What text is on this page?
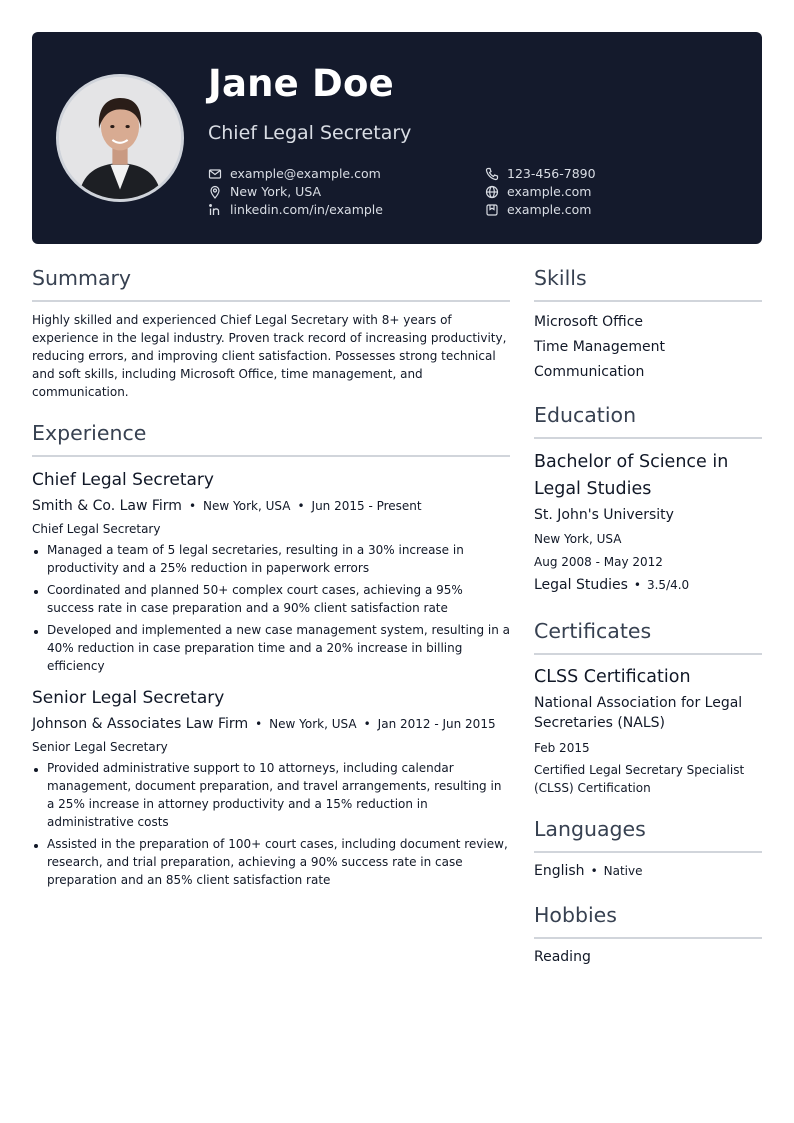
Jane Doe
Chief Legal Secretary
example@example.com
New York, USA
linkedin.com/in/example
123-456-7890
example.com
example.com
Summary

Highly skilled and experienced Chief Legal Secretary with 8+ years of experience in the legal industry. Proven track record of increasing productivity, reducing errors, and improving client satisfaction. Possesses strong technical and soft skills, including Microsoft Office, time management, and communication.

Experience
Chief Legal Secretary
Smith & Co. Law Firm • New York, USA • Jun 2015 - Present
Chief Legal Secretary
Managed a team of 5 legal secretaries, resulting in a 30% increase in productivity and a 25% reduction in paperwork errors
Coordinated and planned 50+ complex court cases, achieving a 95% success rate in case preparation and a 90% client satisfaction rate
Developed and implemented a new case management system, resulting in a 40% reduction in case preparation time and a 20% increase in billing efficiency
Senior Legal Secretary
Johnson & Associates Law Firm • New York, USA • Jan 2012 - Jun 2015
Senior Legal Secretary
Provided administrative support to 10 attorneys, including calendar management, document preparation, and travel arrangements, resulting in a 25% increase in attorney productivity and a 15% reduction in administrative costs
Assisted in the preparation of 100+ court cases, including document review, research, and trial preparation, achieving a 90% success rate in case preparation and an 85% client satisfaction rate
Skills
Microsoft Office
Time Management
Communication
Education
Bachelor of Science in Legal Studies
St. John's University
New York, USA
Aug 2008 - May 2012
Legal Studies • 3.5/4.0
Certificates
CLSS Certification
National Association for Legal Secretaries (NALS)
Feb 2015
Certified Legal Secretary Specialist (CLSS) Certification
Languages
English • Native
Hobbies
Reading
